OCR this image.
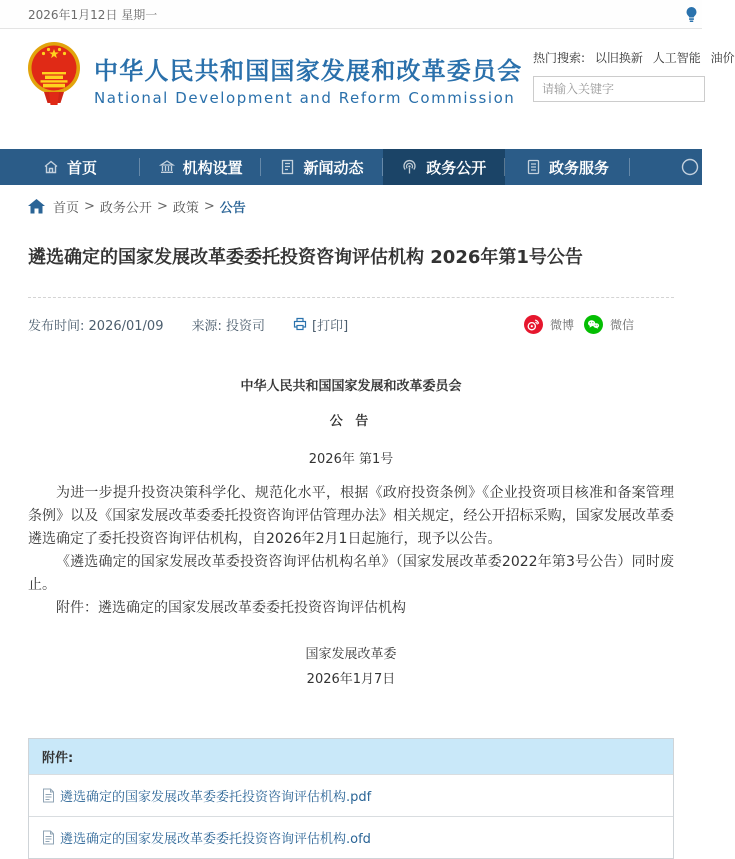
2026年1月12日 星期一
中华人民共和国国家发展和改革委员会
National Development and Reform Commission
热门搜索: 以旧换新 人工智能 油价
请输入关键字
首页	机构设置	新闻动态	政务公开	政务服务
首页 > 政务公开 > 政策 > 公告
遴选确定的国家发展改革委委托投资咨询评估机构 2026年第1号公告
发布时间: 2026/01/09 来源: 投资司	[打印]	微博	微信
中华人民共和国国家发展和改革委员会
公 告
2026年 第1号

为进一步提升投资决策科学化、规范化水平，根据《政府投资条例》《企业投资项目核准和备案管理条例》以及《国家发展改革委委托投资咨询评估管理办法》相关规定，经公开招标采购，国家发展改革委遴选确定了委托投资咨询评估机构，自2026年2月1日起施行，现予以公告。

《遴选确定的国家发展改革委投资咨询评估机构名单》（国家发展改革委2022年第3号公告）同时废止。

附件：遴选确定的国家发展改革委委托投资咨询评估机构

国家发展改革委
2026年1月7日
附件:
遴选确定的国家发展改革委委托投资咨询评估机构.pdf
遴选确定的国家发展改革委委托投资咨询评估机构.ofd
